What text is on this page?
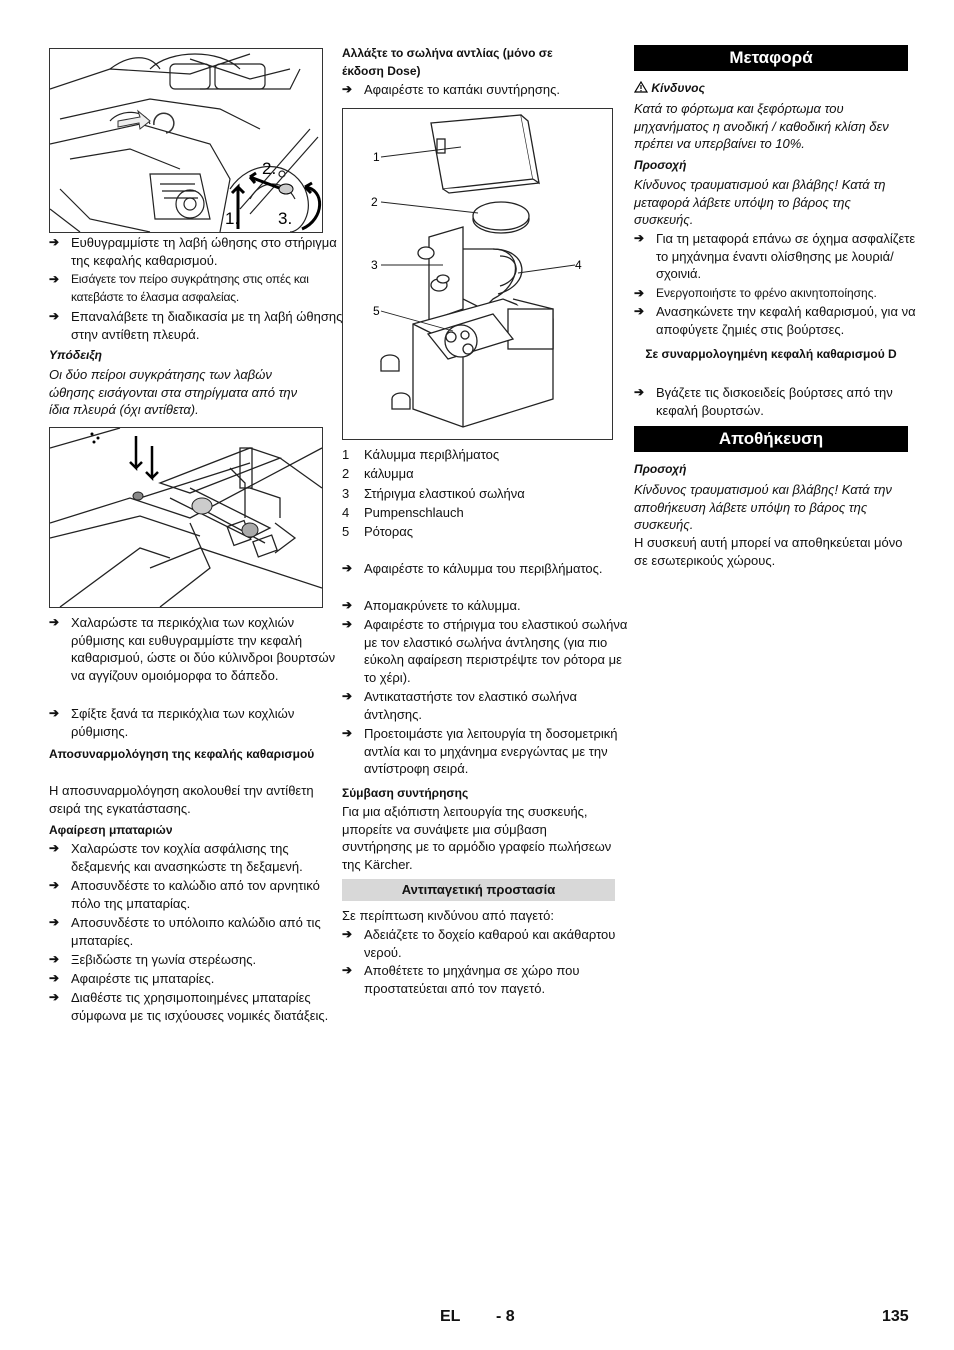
1.
2.
3.
➔ Ευθυγραμμίστε τη λαβή ώθησης στο στήριγμα της κεφαλής καθαρισμού.
➔ Εισάγετε τον πείρο συγκράτησης στις οπές και κατεβάστε το έλασμα ασφαλείας.
➔ Επαναλάβετε τη διαδικασία με τη λαβή ώθησης στην αντίθετη πλευρά.
Υπόδειξη
Οι δύο πείροι συγκράτησης των λαβών ώθησης εισάγονται στα στηρίγματα από την ίδια πλευρά (όχι αντίθετα).
➔ Χαλαρώστε τα περικόχλια των κοχλιών ρύθμισης και ευθυγραμμίστε την κεφαλή καθαρισμού, ώστε οι δύο κύλινδροι βουρτσών να αγγίζουν ομοιόμορφα το δάπεδο.
➔ Σφίξτε ξανά τα περικόχλια των κοχλιών ρύθμισης.
Αποσυναρμολόγηση της κεφαλής καθαρισμού
Η αποσυναρμολόγηση ακολουθεί την αντίθετη σειρά της εγκατάστασης.
Αφαίρεση μπαταριών
➔ Χαλαρώστε τον κοχλία ασφάλισης της δεξαμενής και ανασηκώστε τη δεξαμενή.
➔ Αποσυνδέστε το καλώδιο από τον αρνητικό πόλο της μπαταρίας.
➔ Αποσυνδέστε το υπόλοιπο καλώδιο από τις μπαταρίες.
➔ Ξεβιδώστε τη γωνία στερέωσης.
➔ Αφαιρέστε τις μπαταρίες.
➔ Διαθέστε τις χρησιμοποιημένες μπαταρίες σύμφωνα με τις ισχύουσες νομικές διατάξεις.
Αλλάξτε το σωλήνα αντλίας (μόνο σε έκδοση Dose)
➔ Αφαιρέστε το καπάκι συντήρησης.
1
2
3	4
5
1 Κάλυμμα περιβλήματος
2 κάλυμμα
3 Στήριγμα ελαστικού σωλήνα
4 Pumpenschlauch
5 Ρότορας
➔ Αφαιρέστε το κάλυμμα του περιβλήματος.
➔ Απομακρύνετε το κάλυμμα.
➔ Αφαιρέστε το στήριγμα του ελαστικού σωλήνα με τον ελαστικό σωλήνα άντλησης (για πιο εύκολη αφαίρεση περιστρέψτε τον ρότορα με το χέρι).
➔ Αντικαταστήστε τον ελαστικό σωλήνα άντλησης.
➔ Προετοιμάστε για λειτουργία τη δοσομετρική αντλία και το μηχάνημα ενεργώντας με την αντίστροφη σειρά.
Σύμβαση συντήρησης
Για μια αξιόπιστη λειτουργία της συσκευής, μπορείτε να συνάψετε μια σύμβαση συντήρησης με το αρμόδιο γραφείο πωλήσεων της Kärcher.
Αντιπαγετική προστασία
Σε περίπτωση κινδύνου από παγετό:
➔ Αδειάζετε το δοχείο καθαρού και ακάθαρτου νερού.
➔ Αποθέτετε το μηχάνημα σε χώρο που προστατεύεται από τον παγετό.
Μεταφορά
Κίνδυνος
Κατά το φόρτωμα και ξεφόρτωμα του μηχανήματος η ανοδική / καθοδική κλίση δεν πρέπει να υπερβαίνει το 10%.
Προσοχή
Κίνδυνος τραυματισμού και βλάβης! Κατά τη μεταφορά λάβετε υπόψη το βάρος της συσκευής.
➔ Για τη μεταφορά επάνω σε όχημα ασφαλίζετε το μηχάνημα έναντι ολίσθησης με λουριά/σχοινιά.
➔ Ενεργοποιήστε το φρένο ακινητοποίησης.
➔ Ανασηκώνετε την κεφαλή καθαρισμού, για να αποφύγετε ζημιές στις βούρτσες.
Σε συναρμολογημένη κεφαλή καθαρισμού D
➔ Βγάζετε τις δισκοειδείς βούρτσες από την κεφαλή βουρτσών.
Αποθήκευση
Προσοχή
Κίνδυνος τραυματισμού και βλάβης! Κατά την αποθήκευση λάβετε υπόψη το βάρος της συσκευής.
Η συσκευή αυτή μπορεί να αποθηκεύεται μόνο σε εσωτερικούς χώρους.
EL - 8	135
